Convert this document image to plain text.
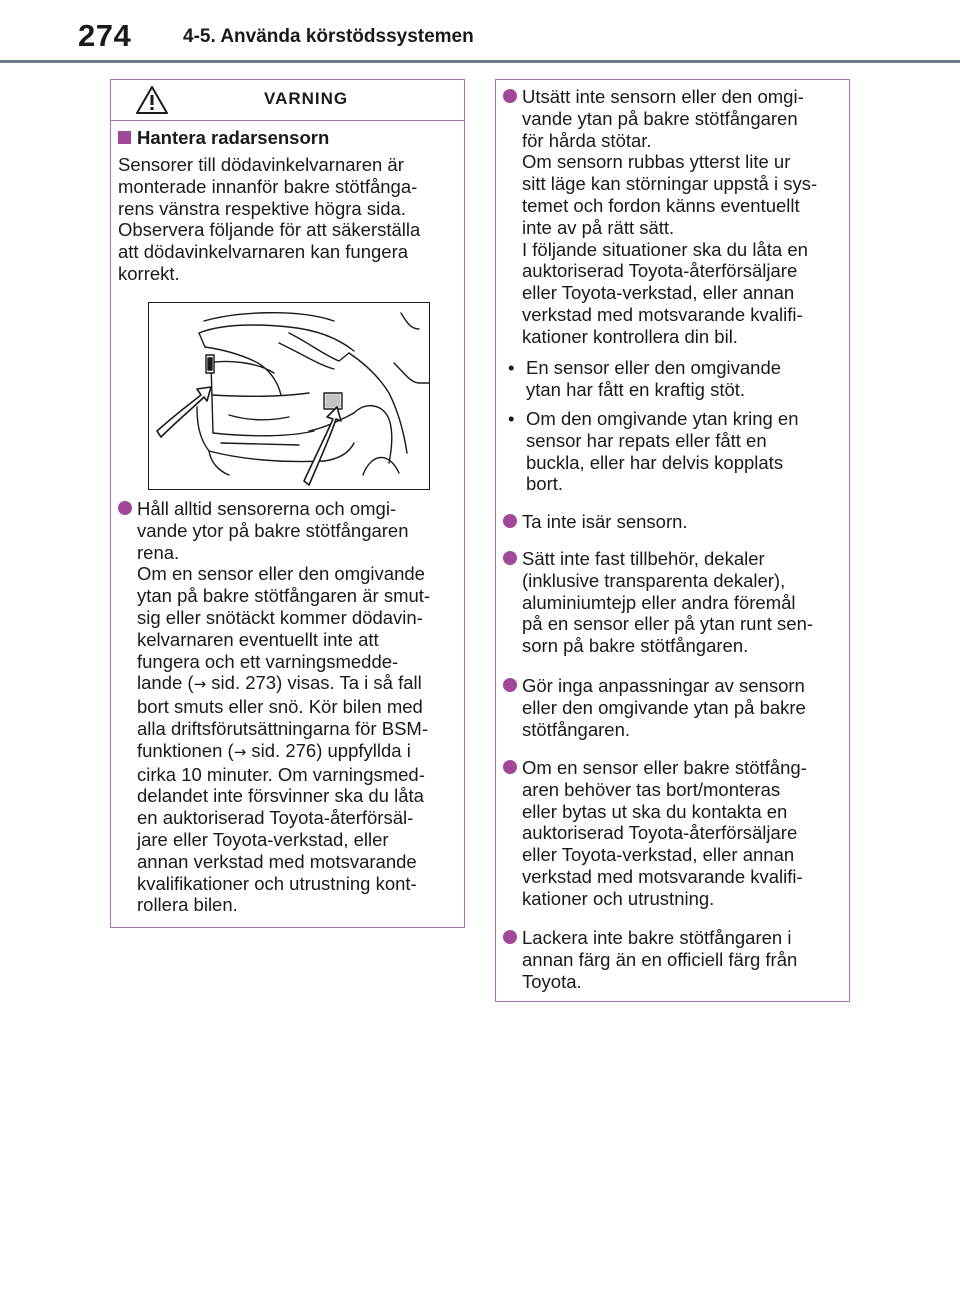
274	4-5. Använda körstödssystemen
VARNING
Hantera radarsensorn
Sensorer till dödavinkelvarnaren är
monterade innanför bakre stötfånga-
rens vänstra respektive högra sida.
Observera följande för att säkerställa
att dödavinkelvarnaren kan fungera
korrekt.
Håll alltid sensorerna och omgi-
vande ytor på bakre stötfångaren
rena.
Om en sensor eller den omgivande
ytan på bakre stötfångaren är smut-
sig eller snötäckt kommer dödavin-
kelvarnaren eventuellt inte att
fungera och ett varningsmedde-
lande (→ sid. 273) visas. Ta i så fall
bort smuts eller snö. Kör bilen med
alla driftsförutsättningarna för BSM-
funktionen (→ sid. 276) uppfyllda i
cirka 10 minuter. Om varningsmed-
delandet inte försvinner ska du låta
en auktoriserad Toyota-återförsäl-
jare eller Toyota-verkstad, eller
annan verkstad med motsvarande
kvalifikationer och utrustning kont-
rollera bilen.
Utsätt inte sensorn eller den omgi-
vande ytan på bakre stötfångaren
för hårda stötar.
Om sensorn rubbas ytterst lite ur
sitt läge kan störningar uppstå i sys-
temet och fordon känns eventuellt
inte av på rätt sätt.
I följande situationer ska du låta en
auktoriserad Toyota-återförsäljare
eller Toyota-verkstad, eller annan
verkstad med motsvarande kvalifi-
kationer kontrollera din bil.
• En sensor eller den omgivande
ytan har fått en kraftig stöt.
• Om den omgivande ytan kring en
sensor har repats eller fått en
buckla, eller har delvis kopplats
bort.
Ta inte isär sensorn.
Sätt inte fast tillbehör, dekaler
(inklusive transparenta dekaler),
aluminiumtejp eller andra föremål
på en sensor eller på ytan runt sen-
sorn på bakre stötfångaren.
Gör inga anpassningar av sensorn
eller den omgivande ytan på bakre
stötfångaren.
Om en sensor eller bakre stötfång-
aren behöver tas bort/monteras
eller bytas ut ska du kontakta en
auktoriserad Toyota-återförsäljare
eller Toyota-verkstad, eller annan
verkstad med motsvarande kvalifi-
kationer och utrustning.
Lackera inte bakre stötfångaren i
annan färg än en officiell färg från
Toyota.
